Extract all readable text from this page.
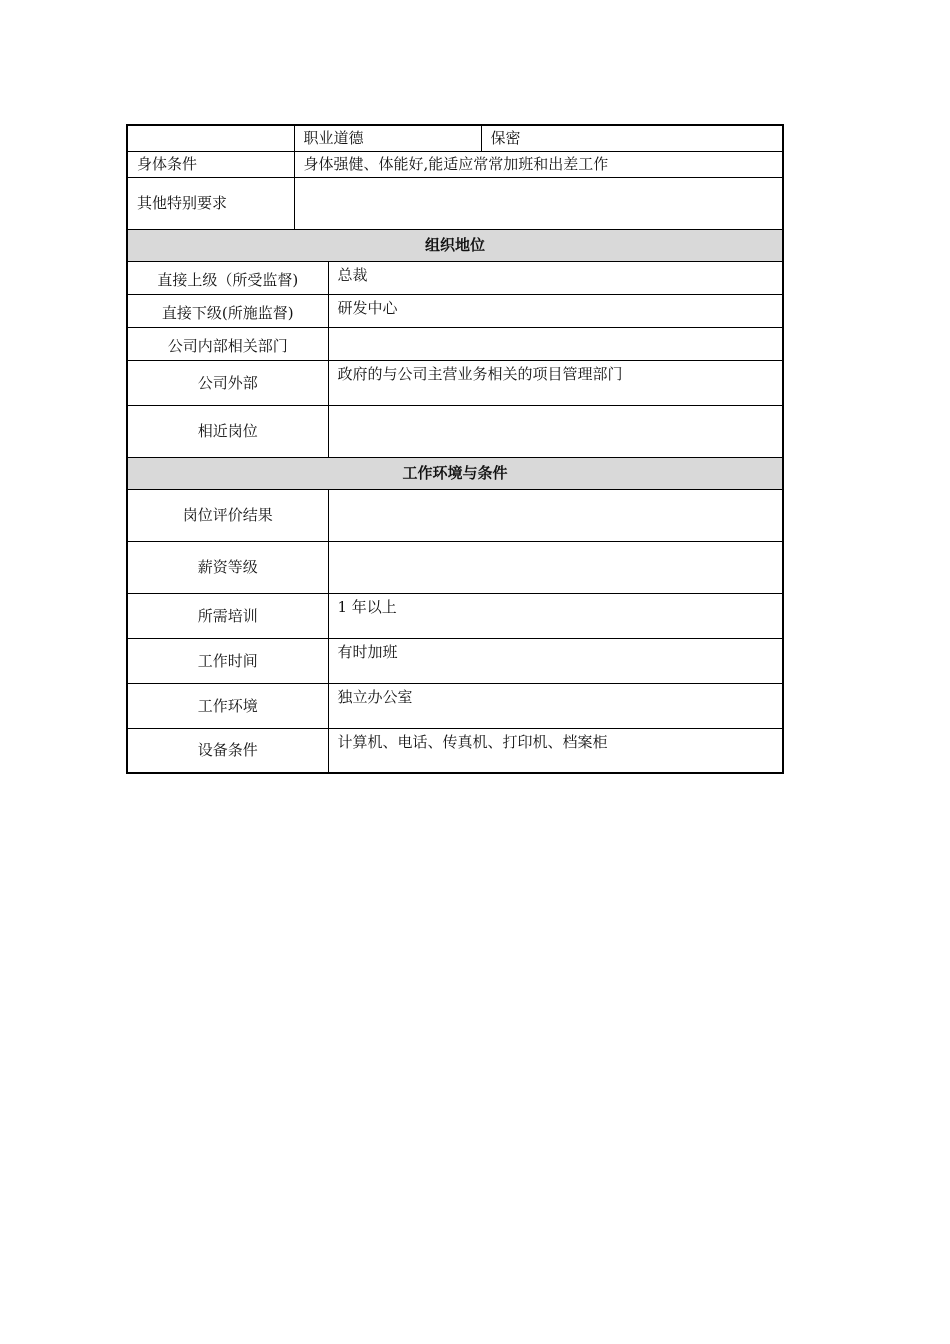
	职业道德		保密
身体条件	身体强健、体能好,能适应常常加班和出差工作		
其他特别要求			
组织地位			
直接上级（所受监督)		总裁	
直接下级(所施监督)		研发中心	
公司内部相关部门			
公司外部		政府的与公司主营业务相关的项目管理部门	
相近岗位			
工作环境与条件			
岗位评价结果			
薪资等级			
所需培训		1 年以上	
工作时间		有时加班	
工作环境		独立办公室	
设备条件		计算机、电话、传真机、打印机、档案柜	
